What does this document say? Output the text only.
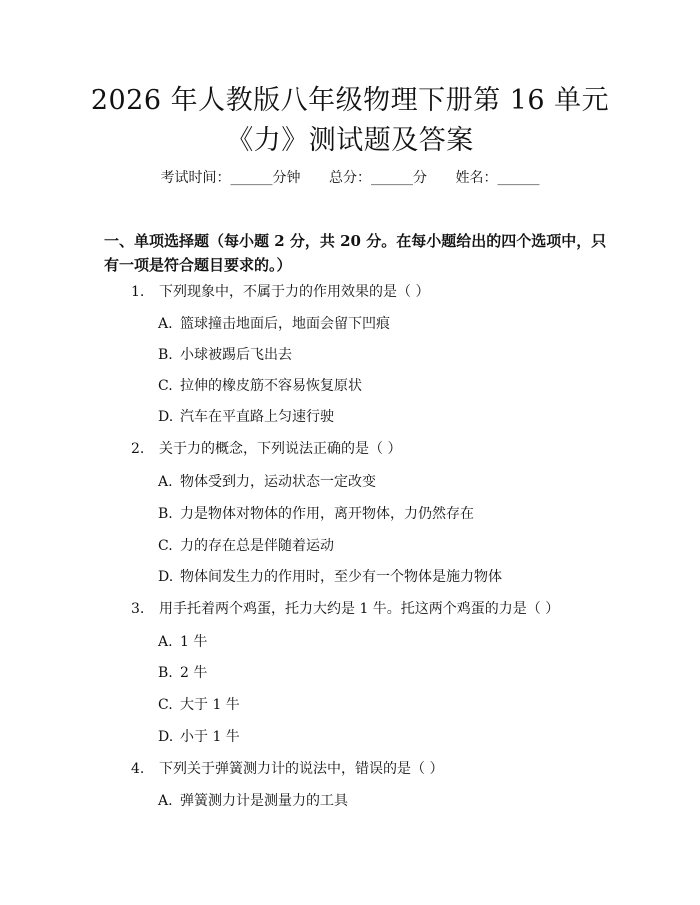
2026 年人教版八年级物理下册第 16 单元
《力》测试题及答案
考试时间：______分钟 总分：______分 姓名：______
一、单项选择题（每小题 2 分，共 20 分。在每小题给出的四个选项中，只有一项是符合题目要求的。）
1. 下列现象中，不属于力的作用效果的是（ ）
A. 篮球撞击地面后，地面会留下凹痕
B. 小球被踢后飞出去
C. 拉伸的橡皮筋不容易恢复原状
D. 汽车在平直路上匀速行驶
2. 关于力的概念，下列说法正确的是（ ）
A. 物体受到力，运动状态一定改变
B. 力是物体对物体的作用，离开物体，力仍然存在
C. 力的存在总是伴随着运动
D. 物体间发生力的作用时，至少有一个物体是施力物体
3. 用手托着两个鸡蛋，托力大约是 1 牛。托这两个鸡蛋的力是（ ）
A. 1 牛
B. 2 牛
C. 大于 1 牛
D. 小于 1 牛
4. 下列关于弹簧测力计的说法中，错误的是（ ）
A. 弹簧测力计是测量力的工具
